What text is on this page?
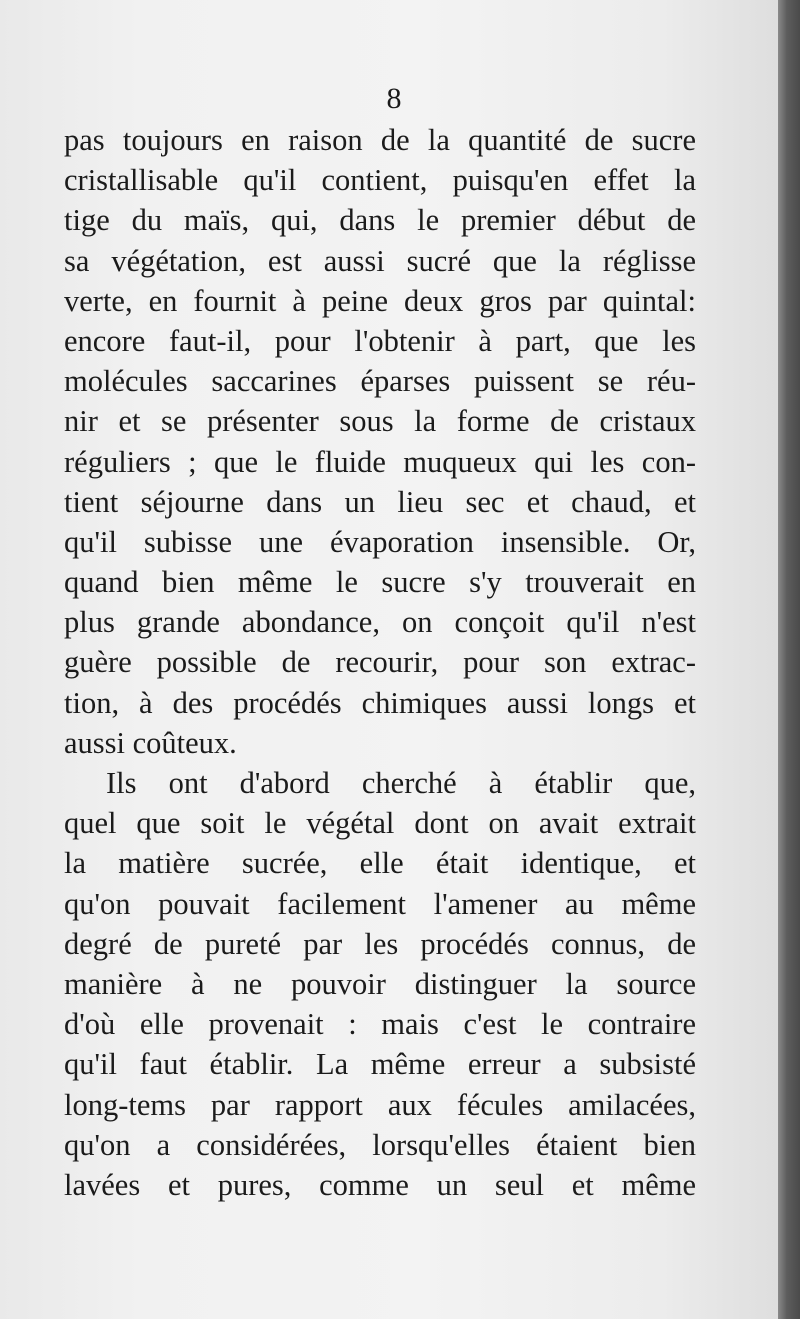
8
pas toujours en raison de la quantité de sucre
cristallisable qu'il contient, puisqu'en effet la
tige du maïs, qui, dans le premier début de
sa végétation, est aussi sucré que la réglisse
verte, en fournit à peine deux gros par quintal:
encore faut-il, pour l'obtenir à part, que les
molécules saccarines éparses puissent se réu-
nir et se présenter sous la forme de cristaux
réguliers ; que le fluide muqueux qui les con-
tient séjourne dans un lieu sec et chaud, et
qu'il subisse une évaporation insensible. Or,
quand bien même le sucre s'y trouverait en
plus grande abondance, on conçoit qu'il n'est
guère possible de recourir, pour son extrac-
tion, à des procédés chimiques aussi longs et
aussi coûteux.
Ils ont d'abord cherché à établir que,
quel que soit le végétal dont on avait extrait
la matière sucrée, elle était identique, et
qu'on pouvait facilement l'amener au même
degré de pureté par les procédés connus, de
manière à ne pouvoir distinguer la source
d'où elle provenait : mais c'est le contraire
qu'il faut établir. La même erreur a subsisté
long-tems par rapport aux fécules amilacées,
qu'on a considérées, lorsqu'elles étaient bien
lavées et pures, comme un seul et même
